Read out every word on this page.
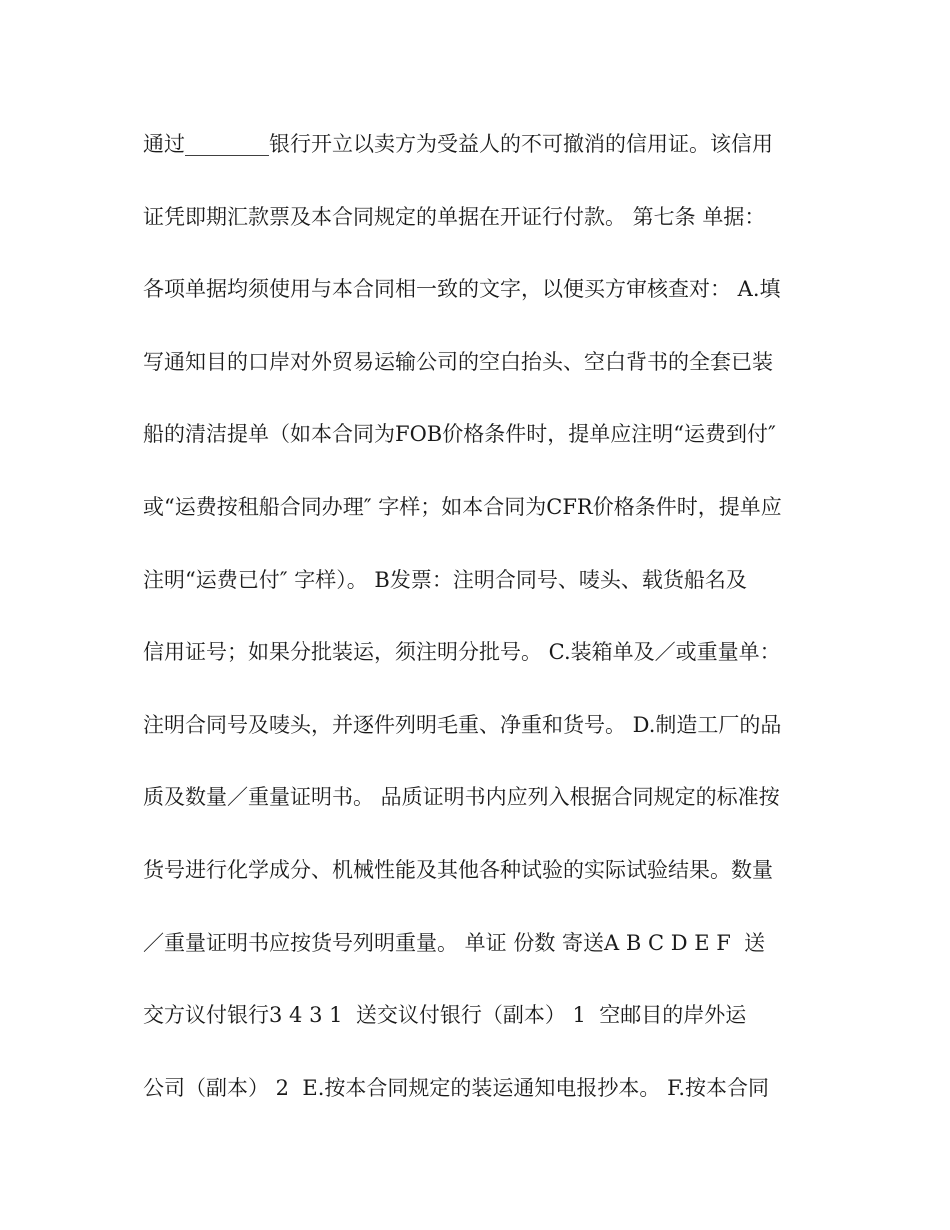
通过________银行开立以卖方为受益人的不可撤消的信用证。该信用
证凭即期汇款票及本合同规定的单据在开证行付款。 第七条 单据：
各项单据均须使用与本合同相一致的文字，以便买方审核查对： A.填
写通知目的口岸对外贸易运输公司的空白抬头、空白背书的全套已装
船的清洁提单（如本合同为FOB价格条件时，提单应注明“运费到付″
或“运费按租船合同办理″ 字样；如本合同为CFR价格条件时，提单应
注明“运费已付″ 字样）。 B发票：注明合同号、唛头、载货船名及
信用证号；如果分批装运，须注明分批号。 C.装箱单及／或重量单：
注明合同号及唛头，并逐件列明毛重、净重和货号。 D.制造工厂的品
质及数量／重量证明书。 品质证明书内应列入根据合同规定的标准按
货号进行化学成分、机械性能及其他各种试验的实际试验结果。数量
／重量证明书应按货号列明重量。 单证 份数 寄送A B C D E F  送
交方议付银行3 4 3 1  送交议付银行（副本） 1  空邮目的岸外运
公司（副本） 2  E.按本合同规定的装运通知电报抄本。 F.按本合同
